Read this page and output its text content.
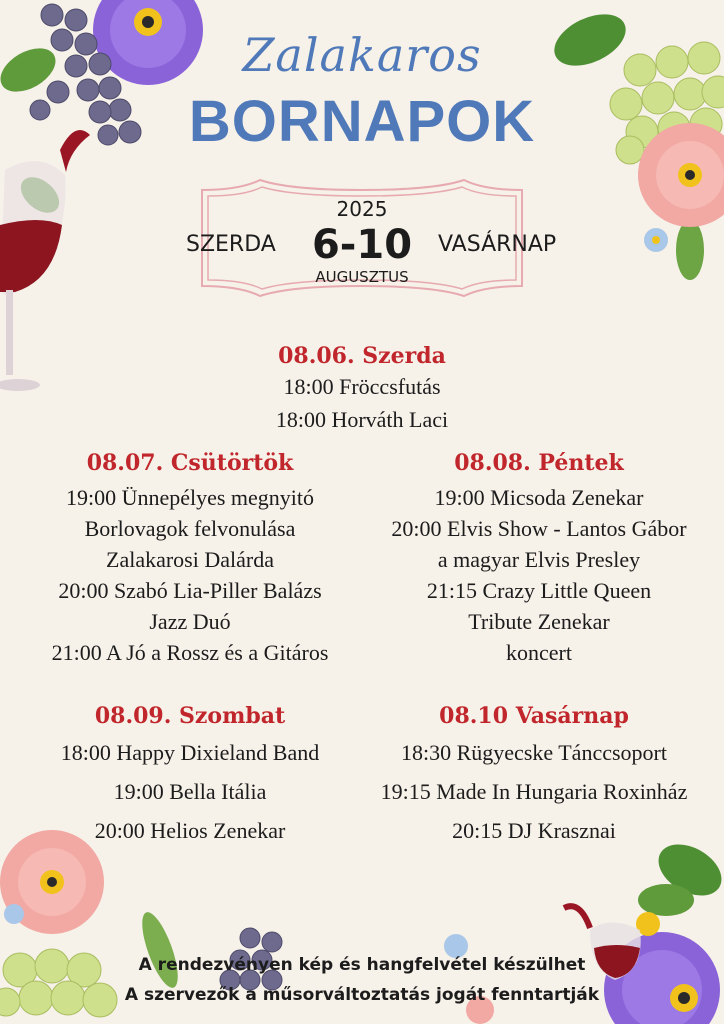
Zalakaros
BORNAPOK
2025
SZERDA 6-10	VASÁRNAP
AUGUSZTUS
08.06. Szerda
18:00 Fröccsfutás
18:00 Horváth Laci
08.07. Csütörtök
19:00 Ünnepélyes megnyitó
Borlovagok felvonulása
Zalakarosi Dalárda
20:00 Szabó Lia-Piller Balázs
Jazz Duó
21:00 A Jó a Rossz és a Gitáros
08.08. Péntek
19:00 Micsoda Zenekar
20:00 Elvis Show - Lantos Gábor
a magyar Elvis Presley
21:15 Crazy Little Queen
Tribute Zenekar
koncert
08.09. Szombat
18:00 Happy Dixieland Band
19:00 Bella Itália
20:00 Helios Zenekar
08.10 Vasárnap
18:30 Rügyecske Tánccsoport
19:15 Made In Hungaria Roxinház
20:15 DJ Krasznai
A rendezvényen kép és hangfelvétel készülhet
A szervezők a műsorváltoztatás jogát fenntartják
